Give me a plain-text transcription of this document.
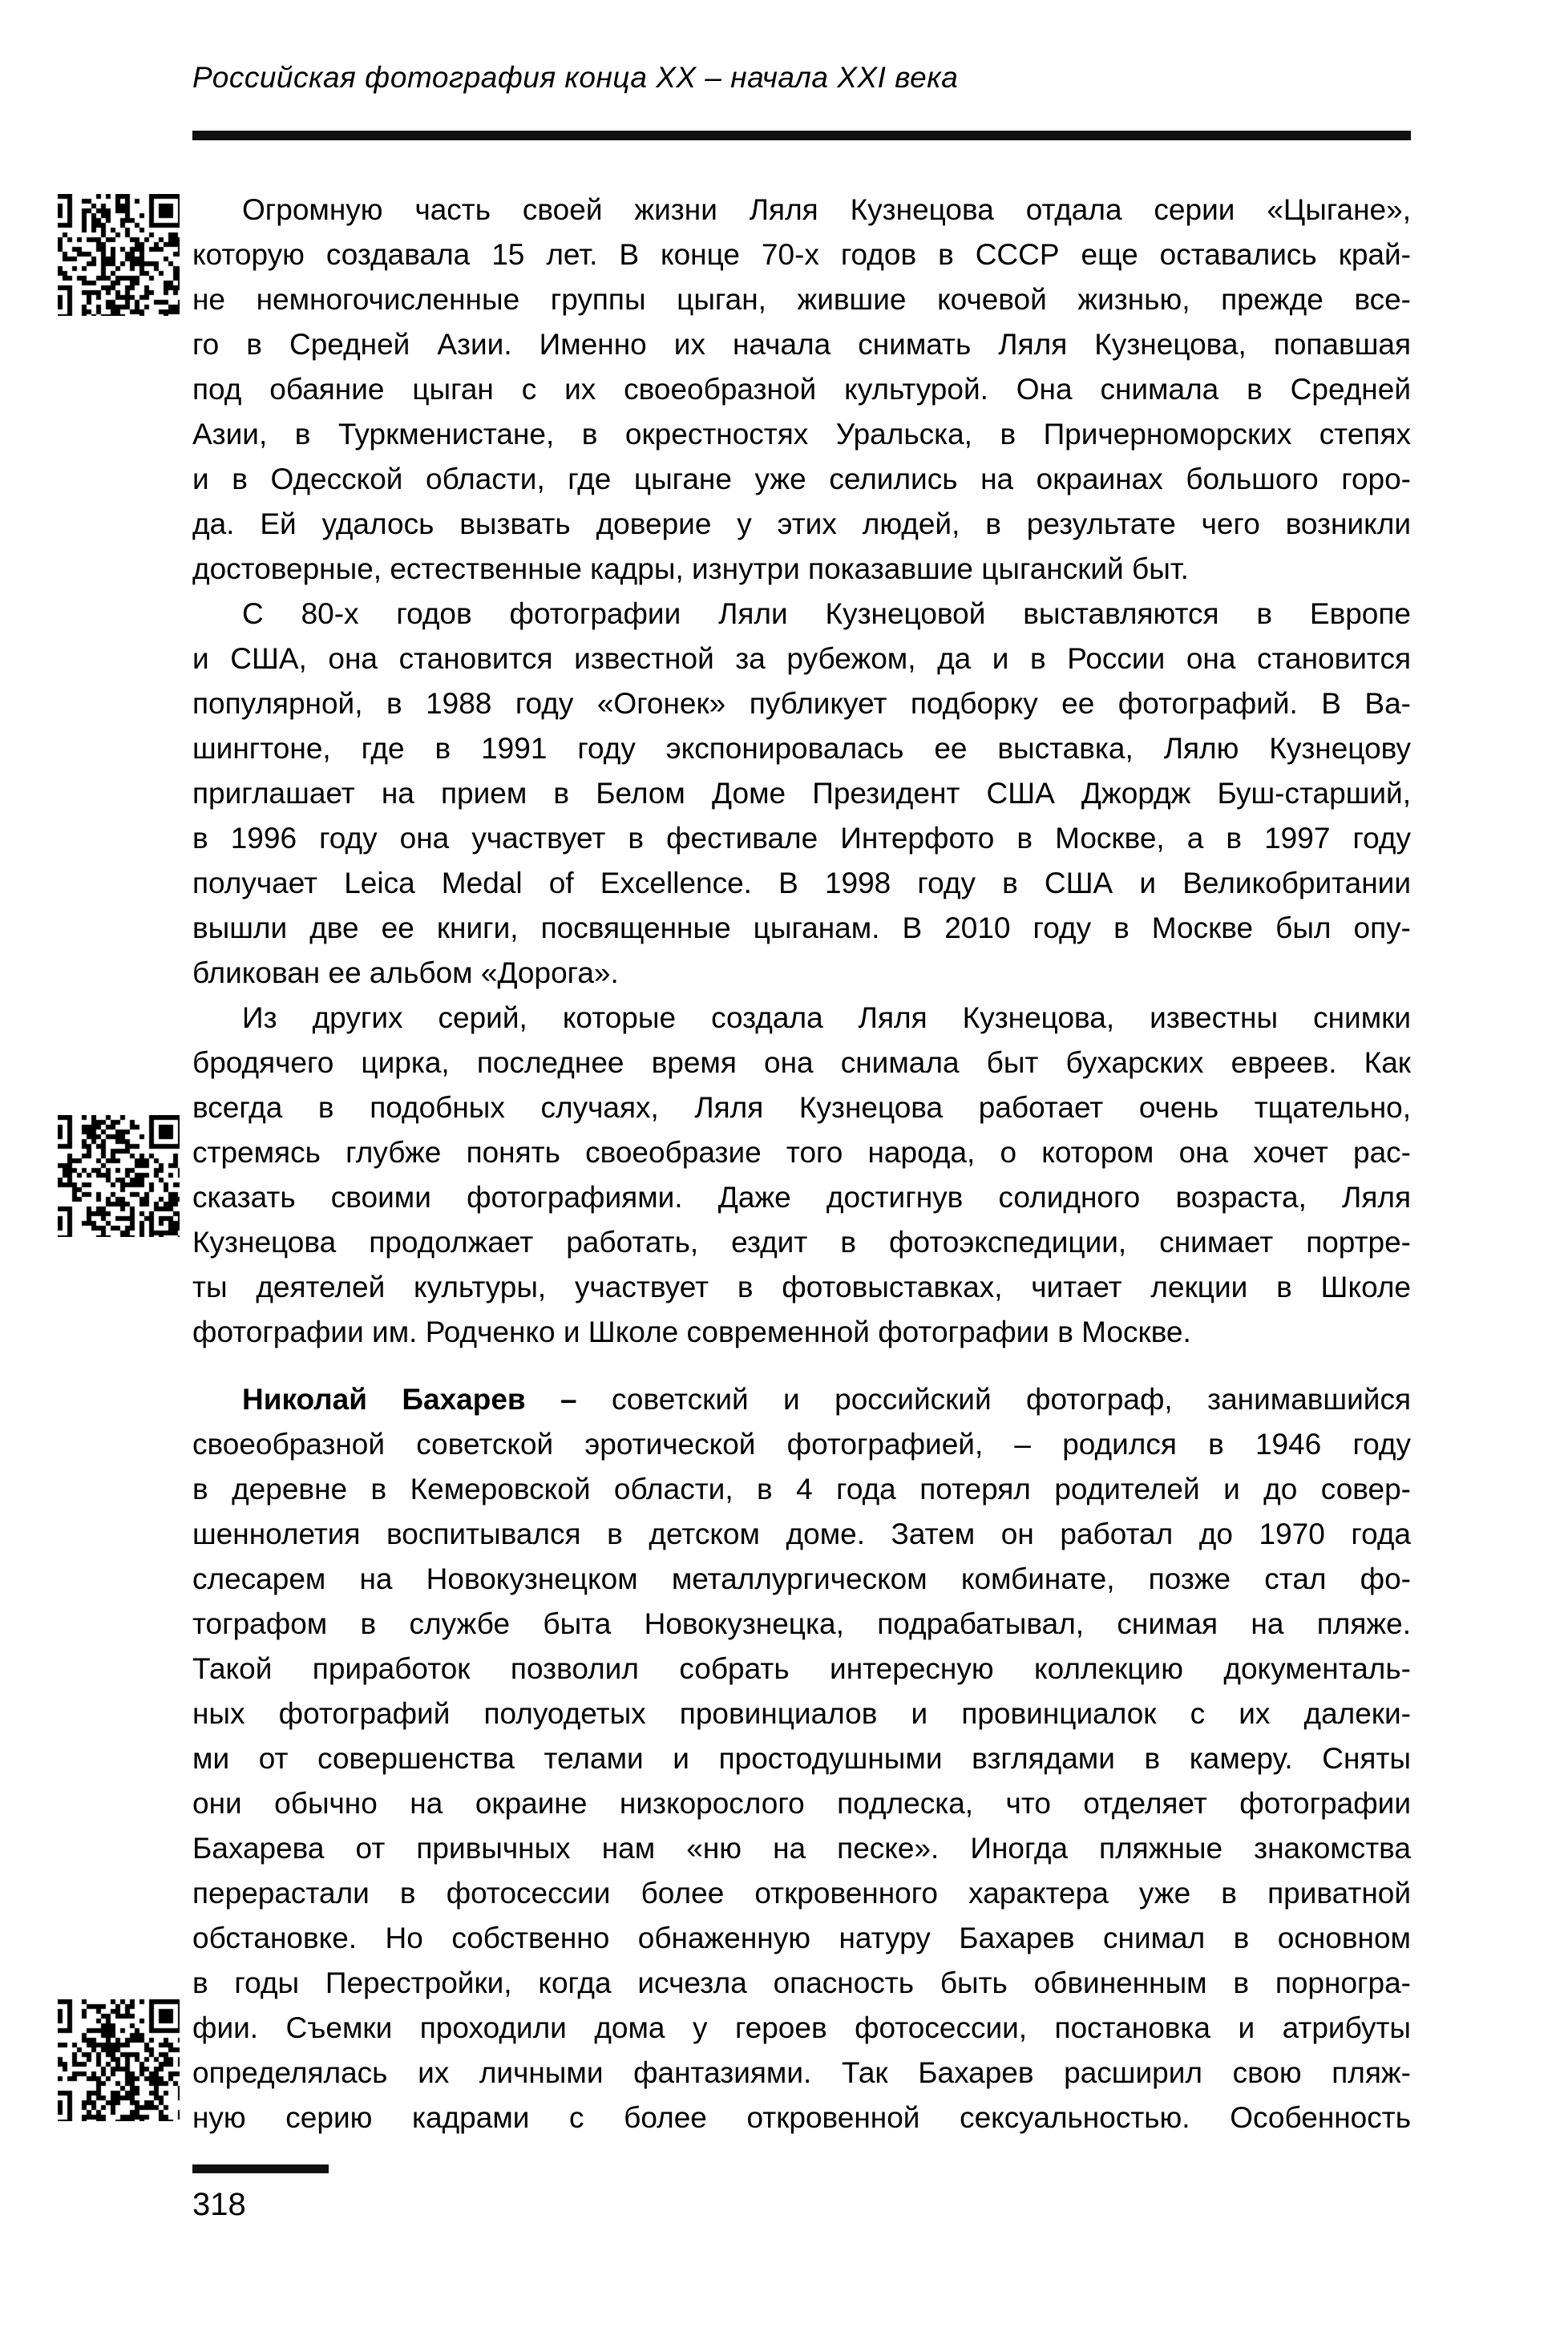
Российская фотография конца XX – начала XXI века
Огромную часть своей жизни Ляля Кузнецова отдала серии «Цыгане»,
которую создавала 15 лет. В конце 70-х годов в СССР еще оставались край-
не немногочисленные группы цыган, жившие кочевой жизнью, прежде все-
го в Средней Азии. Именно их начала снимать Ляля Кузнецова, попавшая
под обаяние цыган с их своеобразной культурой. Она снимала в Средней
Азии, в Туркменистане, в окрестностях Уральска, в Причерноморских степях
и в Одесской области, где цыгане уже селились на окраинах большого горо-
да. Ей удалось вызвать доверие у этих людей, в результате чего возникли
достоверные, естественные кадры, изнутри показавшие цыганский быт.
С 80-х годов фотографии Ляли Кузнецовой выставляются в Европе
и США, она становится известной за рубежом, да и в России она становится
популярной, в 1988 году «Огонек» публикует подборку ее фотографий. В Ва-
шингтоне, где в 1991 году экспонировалась ее выставка, Лялю Кузнецову
приглашает на прием в Белом Доме Президент США Джордж Буш-старший,
в 1996 году она участвует в фестивале Интерфото в Москве, а в 1997 году
получает Leica Medal of Excellence. В 1998 году в США и Великобритании
вышли две ее книги, посвященные цыганам. В 2010 году в Москве был опу-
бликован ее альбом «Дорога».
Из других серий, которые создала Ляля Кузнецова, известны снимки
бродячего цирка, последнее время она снимала быт бухарских евреев. Как
всегда в подобных случаях, Ляля Кузнецова работает очень тщательно,
стремясь глубже понять своеобразие того народа, о котором она хочет рас-
сказать своими фотографиями. Даже достигнув солидного возраста, Ляля
Кузнецова продолжает работать, ездит в фотоэкспедиции, снимает портре-
ты деятелей культуры, участвует в фотовыставках, читает лекции в Школе
фотографии им. Родченко и Школе современной фотографии в Москве.
Николай Бахарев – советский и российский фотограф, занимавшийся
своеобразной советской эротической фотографией, – родился в 1946 году
в деревне в Кемеровской области, в 4 года потерял родителей и до совер-
шеннолетия воспитывался в детском доме. Затем он работал до 1970 года
слесарем на Новокузнецком металлургическом комбинате, позже стал фо-
тографом в службе быта Новокузнецка, подрабатывал, снимая на пляже.
Такой приработок позволил собрать интересную коллекцию документаль-
ных фотографий полуодетых провинциалов и провинциалок с их далеки-
ми от совершенства телами и простодушными взглядами в камеру. Сняты
они обычно на окраине низкорослого подлеска, что отделяет фотографии
Бахарева от привычных нам «ню на песке». Иногда пляжные знакомства
перерастали в фотосессии более откровенного характера уже в приватной
обстановке. Но собственно обнаженную натуру Бахарев снимал в основном
в годы Перестройки, когда исчезла опасность быть обвиненным в порногра-
фии. Съемки проходили дома у героев фотосессии, постановка и атрибуты
определялась их личными фантазиями. Так Бахарев расширил свою пляж-
ную серию кадрами с более откровенной сексуальностью. Особенность
318
